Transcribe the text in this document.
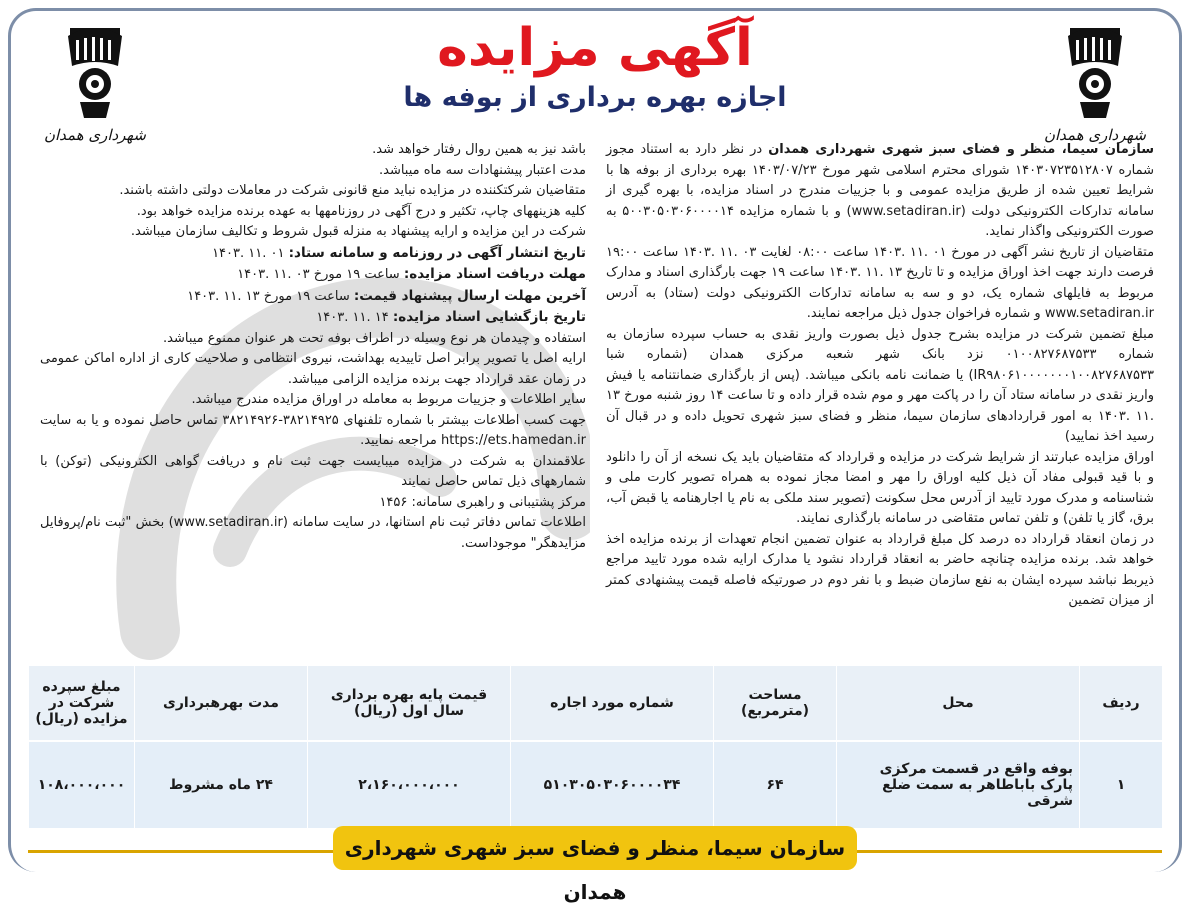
شهرداری همدان
شهرداری همدان
آگهی مزایده
اجازه بهره برداری از بوفه ها

سازمان سیما، منظر و فضای سبز شهری شهرداری همدان در نظر دارد به استناد مجوز شماره ۱۴۰۳۰۷۲۳۵۱۲۸۰۷ شورای محترم اسلامی شهر مورخ ۱۴۰۳/۰۷/۲۳ بهره برداری از بوفه ها با شرایط تعیین شده از طریق مزایده عمومی و با جزییات مندرج در اسناد مزایده، با بهره گیری از سامانه تدارکات الکترونیکی دولت (www.setadiran.ir) و با شماره مزایده ۵۰۰۳۰۵۰۳۰۶۰۰۰۰۱۴ به صورت الکترونیکی واگذار نماید.

متقاضیان از تاریخ نشر آگهی در مورخ ۰۱ .۱۱ .۱۴۰۳ ساعت ۰۸:۰۰ لغایت ۰۳ .۱۱ .۱۴۰۳ ساعت ۱۹:۰۰ فرصت دارند جهت اخذ اوراق مزایده و تا تاریخ ۱۳ .۱۱ .۱۴۰۳ ساعت ۱۹ جهت بارگذاری اسناد و مدارک مربوط به فایلهای شماره یک، دو و سه به سامانه تدارکات الکترونیکی دولت (ستاد) به آدرس www.setadiran.ir و شماره فراخوان جدول ذیل مراجعه نمایند.

مبلغ تضمین شرکت در مزایده بشرح جدول ذیل بصورت واریز نقدی به حساب سپرده سازمان به شماره ۰۱۰۰۸۲۷۶۸۷۵۳۳ نزد بانک شهر شعبه مرکزی همدان (شماره شبا IR۹۸۰۶۱۰۰۰۰۰۰۰۱۰۰۸۲۷۶۸۷۵۳۳) یا ضمانت نامه بانکی میباشد. (پس از بارگذاری ضمانتنامه یا فیش واریز نقدی در سامانه ستاد آن را در پاکت مهر و موم شده قرار داده و تا ساعت ۱۴ روز شنبه مورخ ۱۳ .۱۱ .۱۴۰۳ به امور قراردادهای سازمان سیما، منظر و فضای سبز شهری تحویل داده و در قبال آن رسید اخذ نمایید)

اوراق مزایده عبارتند از شرایط شرکت در مزایده و قرارداد که متقاضیان باید یک نسخه از آن را دانلود و با قید قبولی مفاد آن ذیل کلیه اوراق را مهر و امضا مجاز نموده به همراه تصویر کارت ملی و شناسنامه و مدرک مورد تایید از آدرس محل سکونت (تصویر سند ملکی به نام یا اجارهنامه یا قبض آب، برق، گاز یا تلفن) و تلفن تماس متقاضی در سامانه بارگذاری نمایند.

در زمان انعقاد قرارداد ده درصد کل مبلغ قرارداد به عنوان تضمین انجام تعهدات از برنده مزایده اخذ خواهد شد. برنده مزایده چنانچه حاضر به انعقاد قرارداد نشود یا مدارک ارایه شده مورد تایید مراجع ذیربط نباشد سپرده ایشان به نفع سازمان ضبط و با نفر دوم در صورتیکه فاصله قیمت پیشنهادی کمتر از میزان تضمین

باشد نیز به همین روال رفتار خواهد شد.

مدت اعتبار پیشنهادات سه ماه میباشد.

متقاضیان شرکتکننده در مزایده نباید منع قانونی شرکت در معاملات دولتی داشته باشند.

کلیه هزینههای چاپ، تکثیر و درج آگهی در روزنامهها به عهده برنده مزایده خواهد بود.

شرکت در این مزایده و ارایه پیشنهاد به منزله قبول شروط و تکالیف سازمان میباشد.

تاریخ انتشار آگهی در روزنامه و سامانه ستاد: ۰۱ .۱۱ .۱۴۰۳

مهلت دریافت اسناد مزایده: ساعت ۱۹ مورخ ۰۳ .۱۱ .۱۴۰۳

آخرین مهلت ارسال پیشنهاد قیمت: ساعت ۱۹ مورخ ۱۳ .۱۱ .۱۴۰۳

تاریخ بازگشایی اسناد مزایده: ۱۴ .۱۱ .۱۴۰۳

استفاده و چیدمان هر نوع وسیله در اطراف بوفه تحت هر عنوان ممنوع میباشد.

ارایه اصل یا تصویر برابر اصل تاییدیه بهداشت، نیروی انتظامی و صلاحیت کاری از اداره اماکن عمومی در زمان عقد قرارداد جهت برنده مزایده الزامی میباشد.

سایر اطلاعات و جزییات مربوط به معامله در اوراق مزایده مندرج میباشد.

جهت کسب اطلاعات بیشتر با شماره تلفنهای ۳۸۲۱۴۹۲۵-۳۸۲۱۴۹۲۶ تماس حاصل نموده و یا به سایت https://ets.hamedan.ir مراجعه نمایید.

علاقمندان به شرکت در مزایده میبایست جهت ثبت نام و دریافت گواهی الکترونیکی (توکن) با شمارههای ذیل تماس حاصل نمایند

مرکز پشتیبانی و راهبری سامانه: ۱۴۵۶

اطلاعات تماس دفاتر ثبت نام استانها، در سایت سامانه (www.setadiran.ir) بخش "ثبت نام/پروفایل مزایدهگر" موجوداست.

ردیف	محل	مساحت (مترمربع)	شماره مورد اجاره	قیمت پایه بهره برداری سال اول (ریال)	مدت بهرهبرداری	مبلغ سپرده شرکت در مزایده (ریال)
۱	بوفه واقع در قسمت مرکزی پارک باباطاهر به سمت ضلع شرقی	۶۴	۵۱۰۳۰۵۰۳۰۶۰۰۰۰۳۴	۲،۱۶۰،۰۰۰،۰۰۰	۲۴ ماه مشروط	۱۰۸،۰۰۰،۰۰۰
سازمان سیما، منظر و فضای سبز شهری شهرداری همدان
